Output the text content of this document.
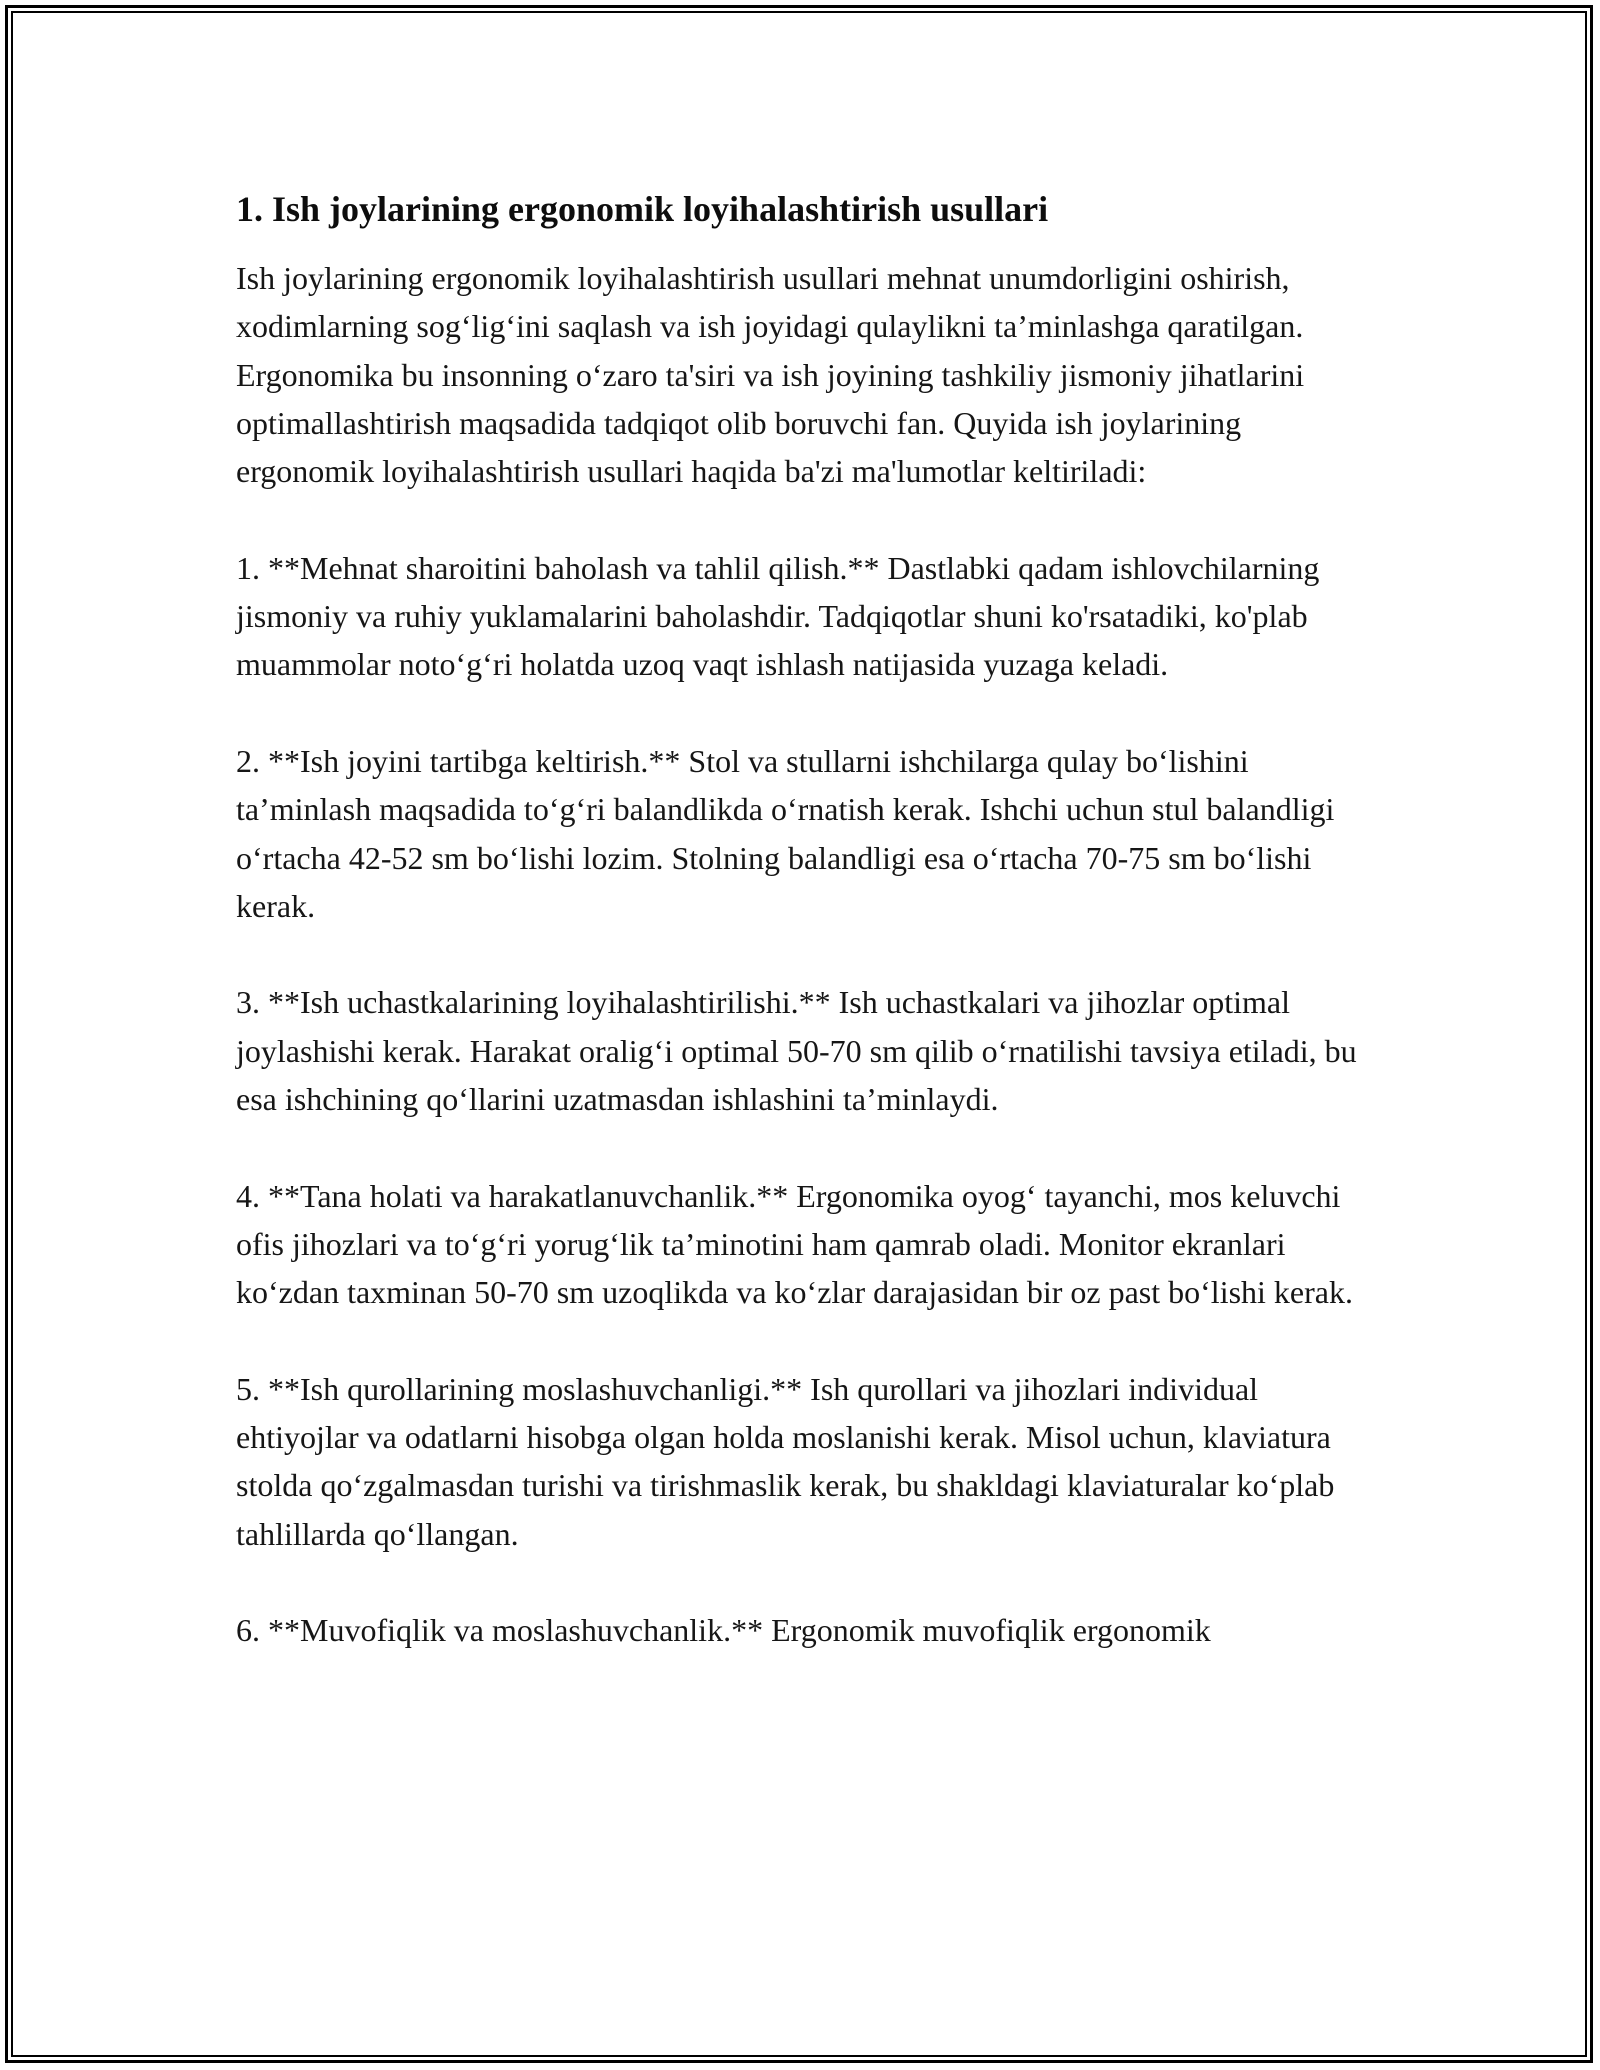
1. Ish joylarining ergonomik loyihalashtirish usullari

Ish joylarining ergonomik loyihalashtirish usullari mehnat unumdorligini oshirish, xodimlarning sog‘lig‘ini saqlash va ish joyidagi qulaylikni ta’minlashga qaratilgan. Ergonomika bu insonning o‘zaro ta'siri va ish joyining tashkiliy jismoniy jihatlarini optimallashtirish maqsadida tadqiqot olib boruvchi fan. Quyida ish joylarining ergonomik loyihalashtirish usullari haqida ba'zi ma'lumotlar keltiriladi:

1. **Mehnat sharoitini baholash va tahlil qilish.** Dastlabki qadam ishlovchilarning jismoniy va ruhiy yuklamalarini baholashdir. Tadqiqotlar shuni ko'rsatadiki, ko'plab muammolar noto‘g‘ri holatda uzoq vaqt ishlash natijasida yuzaga keladi.

2. **Ish joyini tartibga keltirish.** Stol va stullarni ishchilarga qulay bo‘lishini ta’minlash maqsadida to‘g‘ri balandlikda o‘rnatish kerak. Ishchi uchun stul balandligi o‘rtacha 42-52 sm bo‘lishi lozim. Stolning balandligi esa o‘rtacha 70-75 sm bo‘lishi kerak.

3. **Ish uchastkalarining loyihalashtirilishi.** Ish uchastkalari va jihozlar optimal joylashishi kerak. Harakat oralig‘i optimal 50-70 sm qilib o‘rnatilishi tavsiya etiladi, bu esa ishchining qo‘llarini uzatmasdan ishlashini ta’minlaydi.

4. **Tana holati va harakatlanuvchanlik.** Ergonomika oyog‘ tayanchi, mos keluvchi ofis jihozlari va to‘g‘ri yorug‘lik ta’minotini ham qamrab oladi. Monitor ekranlari ko‘zdan taxminan 50-70 sm uzoqlikda va ko‘zlar darajasidan bir oz past bo‘lishi kerak.

5. **Ish qurollarining moslashuvchanligi.** Ish qurollari va jihozlari individual ehtiyojlar va odatlarni hisobga olgan holda moslanishi kerak. Misol uchun, klaviatura stolda qo‘zgalmasdan turishi va tirishmaslik kerak, bu shakldagi klaviaturalar ko‘plab tahlillarda qo‘llangan.

6. **Muvofiqlik va moslashuvchanlik.** Ergonomik muvofiqlik ergonomik
